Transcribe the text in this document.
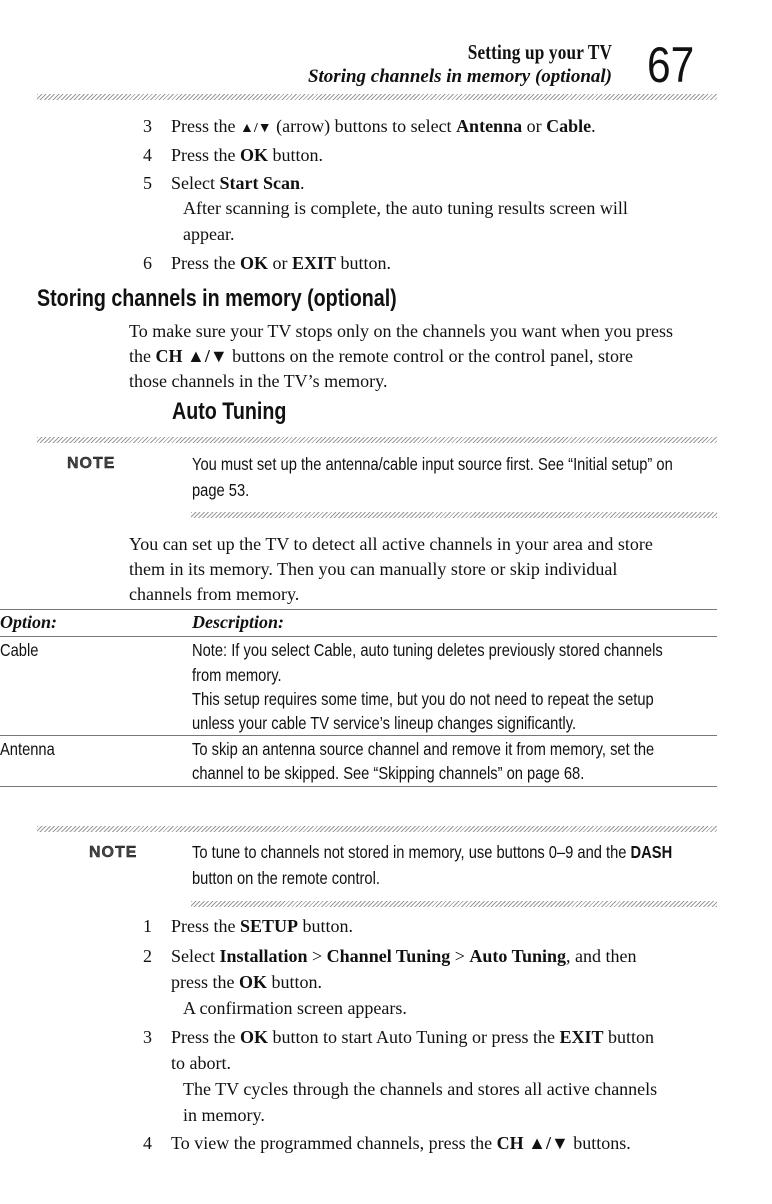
Setting up your TV
Storing channels in memory (optional) 67
3 Press the ▲/▼ (arrow) buttons to select Antenna or Cable.
4 Press the OK button.
5 Select Start Scan.
After scanning is complete, the auto tuning results screen will
appear.
6 Press the OK or EXIT button.
Storing channels in memory (optional)
To make sure your TV stops only on the channels you want when you press
the CH ▲/▼ buttons on the remote control or the control panel, store
those channels in the TV’s memory.
Auto Tuning
NOTE	You must set up the antenna/cable input source first. See “Initial setup” on
page 53.
You can set up the TV to detect all active channels in your area and store
them in its memory. Then you can manually store or skip individual
channels from memory.
Option:	Description:
Cable	Note: If you select Cable, auto tuning deletes previously stored channels
from memory.
This setup requires some time, but you do not need to repeat the setup
unless your cable TV service’s lineup changes significantly.
Antenna	To skip an antenna source channel and remove it from memory, set the
channel to be skipped. See “Skipping channels” on page 68.
NOTE	To tune to channels not stored in memory, use buttons 0–9 and the DASH
button on the remote control.
1 Press the SETUP button.
2 Select Installation > Channel Tuning > Auto Tuning, and then
press the OK button.
A confirmation screen appears.
3 Press the OK button to start Auto Tuning or press the EXIT button
to abort.
The TV cycles through the channels and stores all active channels
in memory.
4 To view the programmed channels, press the CH ▲/▼ buttons.
